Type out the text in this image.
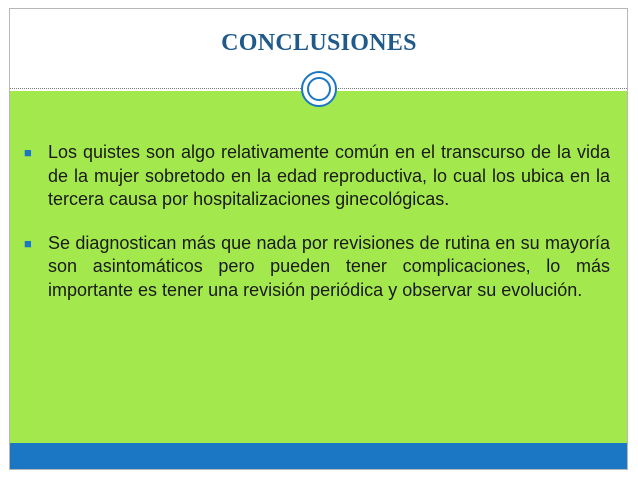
CONCLUSIONES
■ Los quistes son algo relativamente común en el transcurso de la vida de la mujer sobretodo en la edad reproductiva, lo cual los ubica en la tercera causa por hospitalizaciones ginecológicas.
■ Se diagnostican más que nada por revisiones de rutina en su mayoría son asintomáticos pero pueden tener complicaciones, lo más importante es tener una revisión periódica y observar su evolución.
